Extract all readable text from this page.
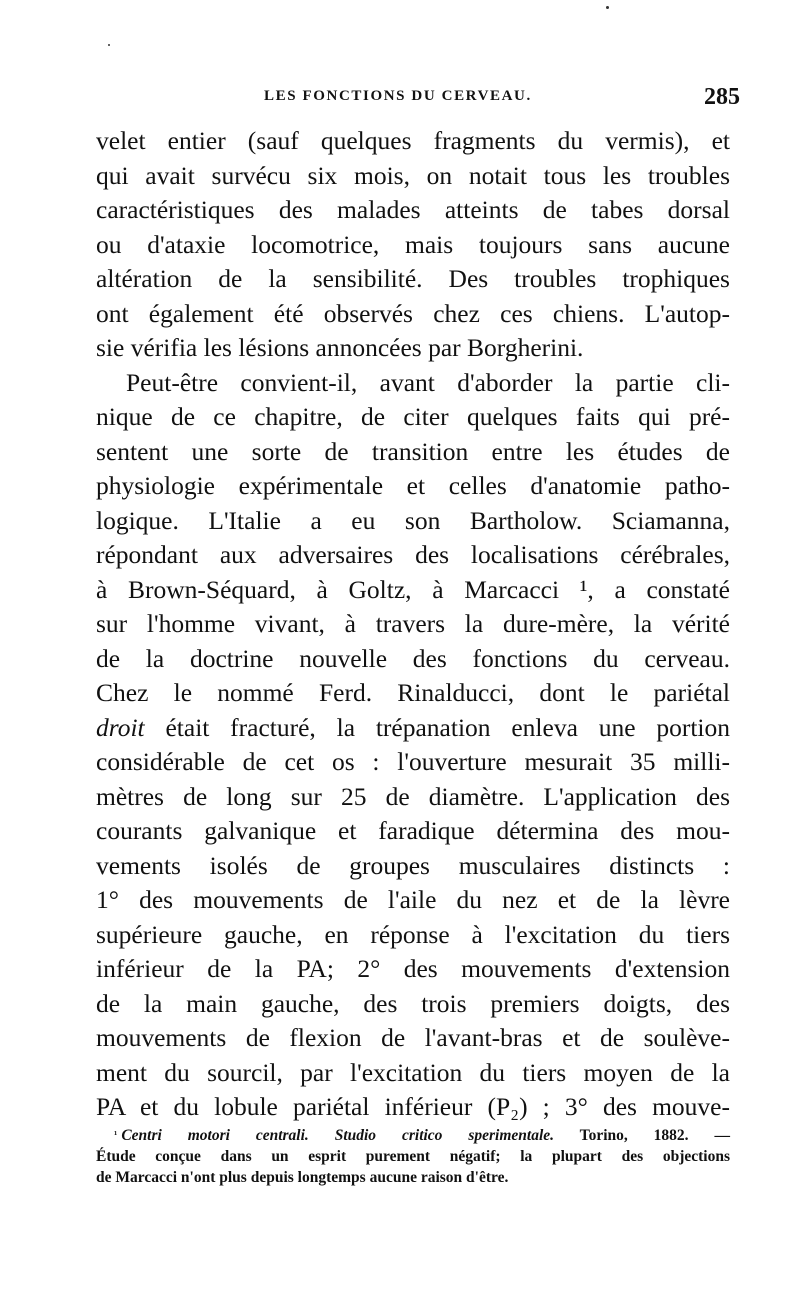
LES FONCTIONS DU CERVEAU.	285
velet entier (sauf quelques fragments du vermis), et
qui avait survécu six mois, on notait tous les troubles
caractéristiques des malades atteints de tabes dorsal
ou d'ataxie locomotrice, mais toujours sans aucune
altération de la sensibilité. Des troubles trophiques
ont également été observés chez ces chiens. L'autop-
sie vérifia les lésions annoncées par Borgherini.
Peut-être convient-il, avant d'aborder la partie cli-
nique de ce chapitre, de citer quelques faits qui pré-
sentent une sorte de transition entre les études de
physiologie expérimentale et celles d'anatomie patho-
logique. L'Italie a eu son Bartholow. Sciamanna,
répondant aux adversaires des localisations cérébrales,
à Brown-Séquard, à Goltz, à Marcacci ¹, a constaté
sur l'homme vivant, à travers la dure-mère, la vérité
de la doctrine nouvelle des fonctions du cerveau.
Chez le nommé Ferd. Rinalducci, dont le pariétal
droit était fracturé, la trépanation enleva une portion
considérable de cet os : l'ouverture mesurait 35 milli-
mètres de long sur 25 de diamètre. L'application des
courants galvanique et faradique détermina des mou-
vements isolés de groupes musculaires distincts :
1° des mouvements de l'aile du nez et de la lèvre
supérieure gauche, en réponse à l'excitation du tiers
inférieur de la PA; 2° des mouvements d'extension
de la main gauche, des trois premiers doigts, des
mouvements de flexion de l'avant-bras et de soulève-
ment du sourcil, par l'excitation du tiers moyen de la
PA et du lobule pariétal inférieur (P₂) ; 3° des mouve-
$^{^1}$ Centri motori centrali. Studio critico sperimentale. Torino, 1882. —
Étude conçue dans un esprit purement négatif; la plupart des objections
de Marcacci n'ont plus depuis longtemps aucune raison d'être.
